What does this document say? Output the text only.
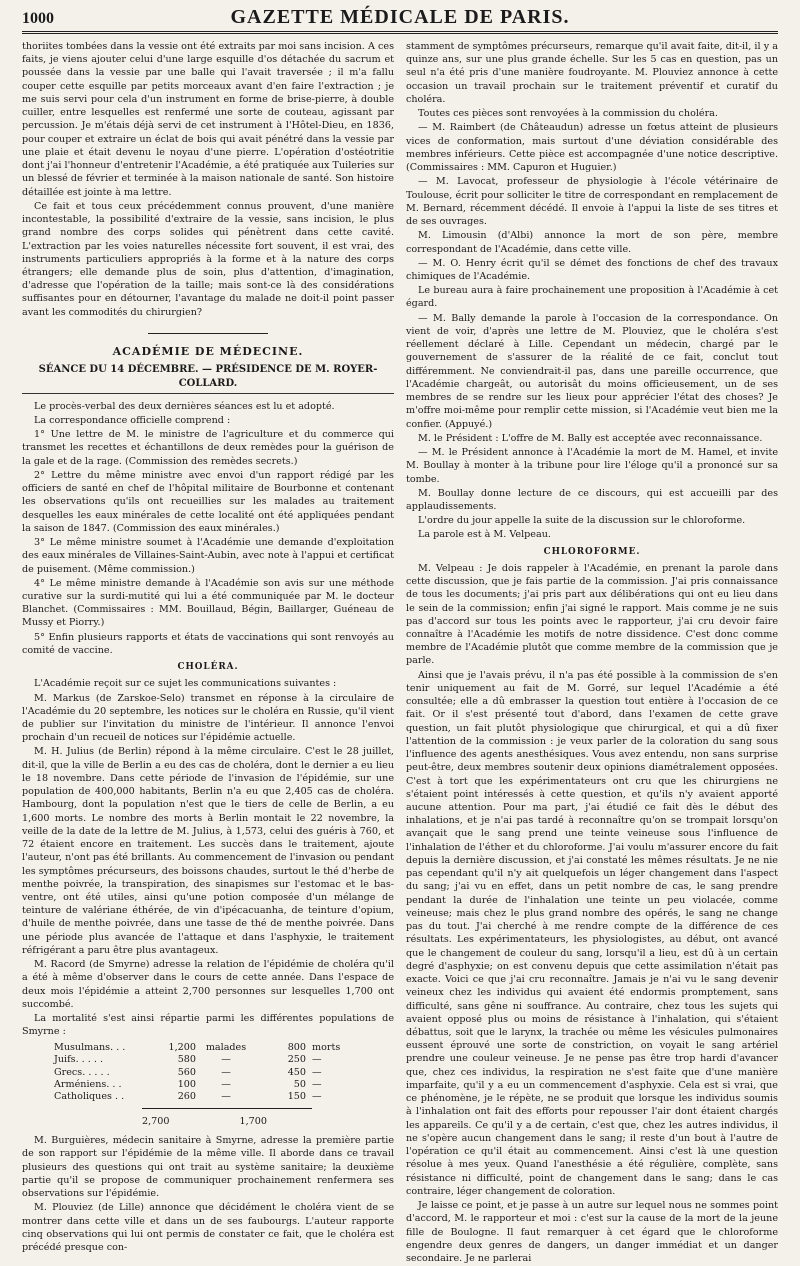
1000	GAZETTE MÉDICALE DE PARIS.

thoriites tombées dans la vessie ont été extraits par moi sans incision. A ces faits, je viens ajouter celui d'une large esquille d'os détachée du sacrum et poussée dans la vessie par une balle qui l'avait traversée ; il m'a fallu couper cette esquille par petits morceaux avant d'en faire l'extraction ; je me suis servi pour cela d'un instrument en forme de brise-pierre, à double cuiller, entre lesquelles est renfermé une sorte de couteau, agissant par percussion. Je m'étais déjà servi de cet instrument à l'Hôtel-Dieu, en 1836, pour couper et extraire un éclat de bois qui avait pénétré dans la vessie par une plaie et était devenu le noyau d'une pierre. L'opération d'ostéotritie dont j'ai l'honneur d'entretenir l'Académie, a été pratiquée aux Tuileries sur un blessé de février et terminée à la maison nationale de santé. Son histoire détaillée est jointe à ma lettre.

Ce fait et tous ceux précédemment connus prouvent, d'une manière incontestable, la possibilité d'extraire de la vessie, sans incision, le plus grand nombre des corps solides qui pénètrent dans cette cavité. L'extraction par les voies naturelles nécessite fort souvent, il est vrai, des instruments particuliers appropriés à la forme et à la nature des corps étrangers; elle demande plus de soin, plus d'attention, d'imagination, d'adresse que l'opération de la taille; mais sont-ce là des considérations suffisantes pour en détourner, l'avantage du malade ne doit-il point passer avant les commodités du chirurgien?

ACADÉMIE DE MÉDECINE.
SÉANCE DU 14 DÉCEMBRE. — PRÉSIDENCE DE M. ROYER-COLLARD.

Le procès-verbal des deux dernières séances est lu et adopté.

La correspondance officielle comprend :

1° Une lettre de M. le ministre de l'agriculture et du commerce qui transmet les recettes et échantillons de deux remèdes pour la guérison de la gale et de la rage. (Commission des remèdes secrets.)

2° Lettre du même ministre avec envoi d'un rapport rédigé par les officiers de santé en chef de l'hôpital militaire de Bourbonne et contenant les observations qu'ils ont recueillies sur les malades au traitement desquelles les eaux minérales de cette localité ont été appliquées pendant la saison de 1847. (Commission des eaux minérales.)

3° Le même ministre soumet à l'Académie une demande d'exploitation des eaux minérales de Villaines-Saint-Aubin, avec note à l'appui et certificat de puisement. (Même commission.)

4° Le même ministre demande à l'Académie son avis sur une méthode curative sur la surdi-mutité qui lui a été communiquée par M. le docteur Blanchet. (Commissaires : MM. Bouillaud, Bégin, Baillarger, Guéneau de Mussy et Piorry.)

5° Enfin plusieurs rapports et états de vaccinations qui sont renvoyés au comité de vaccine.

CHOLÉRA.

L'Académie reçoit sur ce sujet les communications suivantes :

M. Markus (de Zarskoe-Selo) transmet en réponse à la circulaire de l'Académie du 20 septembre, les notices sur le choléra en Russie, qu'il vient de publier sur l'invitation du ministre de l'intérieur. Il annonce l'envoi prochain d'un recueil de notices sur l'épidémie actuelle.

M. H. Julius (de Berlin) répond à la même circulaire. C'est le 28 juillet, dit-il, que la ville de Berlin a eu des cas de choléra, dont le dernier a eu lieu le 18 novembre. Dans cette période de l'invasion de l'épidémie, sur une population de 400,000 habitants, Berlin n'a eu que 2,405 cas de choléra. Hambourg, dont la population n'est que le tiers de celle de Berlin, a eu 1,600 morts. Le nombre des morts à Berlin montait le 22 novembre, la veille de la date de la lettre de M. Julius, à 1,573, celui des guéris à 760, et 72 étaient encore en traitement. Les succès dans le traitement, ajoute l'auteur, n'ont pas été brillants. Au commencement de l'invasion ou pendant les symptômes précurseurs, des boissons chaudes, surtout le thé d'herbe de menthe poivrée, la transpiration, des sinapismes sur l'estomac et le bas-ventre, ont été utiles, ainsi qu'une potion composée d'un mélange de teinture de valériane éthérée, de vin d'ipécacuanha, de teinture d'opium, d'huile de menthe poivrée, dans une tasse de thé de menthe poivrée. Dans une période plus avancée de l'attaque et dans l'asphyxie, le traitement réfrigérant a paru être plus avantageux.

M. Racord (de Smyrne) adresse la relation de l'épidémie de choléra qu'il a été à même d'observer dans le cours de cette année. Dans l'espace de deux mois l'épidémie a atteint 2,700 personnes sur lesquelles 1,700 ont succombé.

La mortalité s'est ainsi répartie parmi les différentes populations de Smyrne :

Musulmans. . .	1,200	malades	800 morts
Juifs. . . . .	580	—	250 —
Grecs. . . . .	560	—	450 —
Arméniens. . .	100	—	50 —
Catholiques . .	260	—	150 —
2,700	1,700

M. Burguières, médecin sanitaire à Smyrne, adresse la première partie de son rapport sur l'épidémie de la même ville. Il aborde dans ce travail plusieurs des questions qui ont trait au système sanitaire; la deuxième partie qu'il se propose de communiquer prochainement renfermera ses observations sur l'épidémie.

M. Plouviez (de Lille) annonce que décidément le choléra vient de se montrer dans cette ville et dans un de ses faubourgs. L'auteur rapporte cinq observations qui lui ont permis de constater ce fait, que le choléra est précédé presque con-

stamment de symptômes précurseurs, remarque qu'il avait faite, dit-il, il y a quinze ans, sur une plus grande échelle. Sur les 5 cas en question, pas un seul n'a été pris d'une manière foudroyante. M. Plouviez annonce à cette occasion un travail prochain sur le traitement préventif et curatif du choléra.

Toutes ces pièces sont renvoyées à la commission du choléra.

— M. Raimbert (de Châteaudun) adresse un fœtus atteint de plusieurs vices de conformation, mais surtout d'une déviation considérable des membres inférieurs. Cette pièce est accompagnée d'une notice descriptive. (Commissaires : MM. Capuron et Huguier.)

— M. Lavocat, professeur de physiologie à l'école vétérinaire de Toulouse, écrit pour solliciter le titre de correspondant en remplacement de M. Bernard, récemment décédé. Il envoie à l'appui la liste de ses titres et de ses ouvrages.

M. Limousin (d'Albi) annonce la mort de son père, membre correspondant de l'Académie, dans cette ville.

— M. O. Henry écrit qu'il se démet des fonctions de chef des travaux chimiques de l'Académie.

Le bureau aura à faire prochainement une proposition à l'Académie à cet égard.

— M. Bally demande la parole à l'occasion de la correspondance. On vient de voir, d'après une lettre de M. Plouviez, que le choléra s'est réellement déclaré à Lille. Cependant un médecin, chargé par le gouvernement de s'assurer de la réalité de ce fait, conclut tout différemment. Ne conviendrait-il pas, dans une pareille occurrence, que l'Académie chargeât, ou autorisât du moins officieusement, un de ses membres de se rendre sur les lieux pour apprécier l'état des choses? Je m'offre moi-même pour remplir cette mission, si l'Académie veut bien me la confier. (Appuyé.)

M. le Président : L'offre de M. Bally est acceptée avec reconnaissance.

— M. le Président annonce à l'Académie la mort de M. Hamel, et invite M. Boullay à monter à la tribune pour lire l'éloge qu'il a prononcé sur sa tombe.

M. Boullay donne lecture de ce discours, qui est accueilli par des applaudissements.

L'ordre du jour appelle la suite de la discussion sur le chloroforme.

La parole est à M. Velpeau.

CHLOROFORME.

M. Velpeau : Je dois rappeler à l'Académie, en prenant la parole dans cette discussion, que je fais partie de la commission. J'ai pris connaissance de tous les documents; j'ai pris part aux délibérations qui ont eu lieu dans le sein de la commission; enfin j'ai signé le rapport. Mais comme je ne suis pas d'accord sur tous les points avec le rapporteur, j'ai cru devoir faire connaître à l'Académie les motifs de notre dissidence. C'est donc comme membre de l'Académie plutôt que comme membre de la commission que je parle.

Ainsi que je l'avais prévu, il n'a pas été possible à la commission de s'en tenir uniquement au fait de M. Gorré, sur lequel l'Académie a été consultée; elle a dû embrasser la question tout entière à l'occasion de ce fait. Or il s'est présenté tout d'abord, dans l'examen de cette grave question, un fait plutôt physiologique que chirurgical, et qui a dû fixer l'attention de la commission : je veux parler de la coloration du sang sous l'influence des agents anesthésiques. Vous avez entendu, non sans surprise peut-être, deux membres soutenir deux opinions diamétralement opposées. C'est à tort que les expérimentateurs ont cru que les chirurgiens ne s'étaient point intéressés à cette question, et qu'ils n'y avaient apporté aucune attention. Pour ma part, j'ai étudié ce fait dès le début des inhalations, et je n'ai pas tardé à reconnaître qu'on se trompait lorsqu'on avançait que le sang prend une teinte veineuse sous l'influence de l'inhalation de l'éther et du chloroforme. J'ai voulu m'assurer encore du fait depuis la dernière discussion, et j'ai constaté les mêmes résultats. Je ne nie pas cependant qu'il n'y ait quelquefois un léger changement dans l'aspect du sang; j'ai vu en effet, dans un petit nombre de cas, le sang prendre pendant la durée de l'inhalation une teinte un peu violacée, comme veineuse; mais chez le plus grand nombre des opérés, le sang ne change pas du tout. J'ai cherché à me rendre compte de la différence de ces résultats. Les expérimentateurs, les physiologistes, au début, ont avancé que le changement de couleur du sang, lorsqu'il a lieu, est dû à un certain degré d'asphyxie; on est convenu depuis que cette assimilation n'était pas exacte. Voici ce que j'ai cru reconnaître. Jamais je n'ai vu le sang devenir veineux chez les individus qui avaient été endormis promptement, sans difficulté, sans gêne ni souffrance. Au contraire, chez tous les sujets qui avaient opposé plus ou moins de résistance à l'inhalation, qui s'étaient débattus, soit que le larynx, la trachée ou même les vésicules pulmonaires eussent éprouvé une sorte de constriction, on voyait le sang artériel prendre une couleur veineuse. Je ne pense pas être trop hardi d'avancer que, chez ces individus, la respiration ne s'est faite que d'une manière imparfaite, qu'il y a eu un commencement d'asphyxie. Cela est si vrai, que ce phénomène, je le répète, ne se produit que lorsque les individus soumis à l'inhalation ont fait des efforts pour repousser l'air dont étaient chargés les appareils. Ce qu'il y a de certain, c'est que, chez les autres individus, il ne s'opère aucun changement dans le sang; il reste d'un bout à l'autre de l'opération ce qu'il était au commencement. Ainsi c'est là une question résolue à mes yeux. Quand l'anesthésie a été régulière, complète, sans résistance ni difficulté, point de changement dans le sang; dans le cas contraire, léger changement de coloration.

Je laisse ce point, et je passe à un autre sur lequel nous ne sommes point d'accord, M. le rapporteur et moi : c'est sur la cause de la mort de la jeune fille de Boulogne. Il faut remarquer à cet égard que le chloroforme engendre deux genres de dangers, un danger immédiat et un danger secondaire. Je ne parlerai
